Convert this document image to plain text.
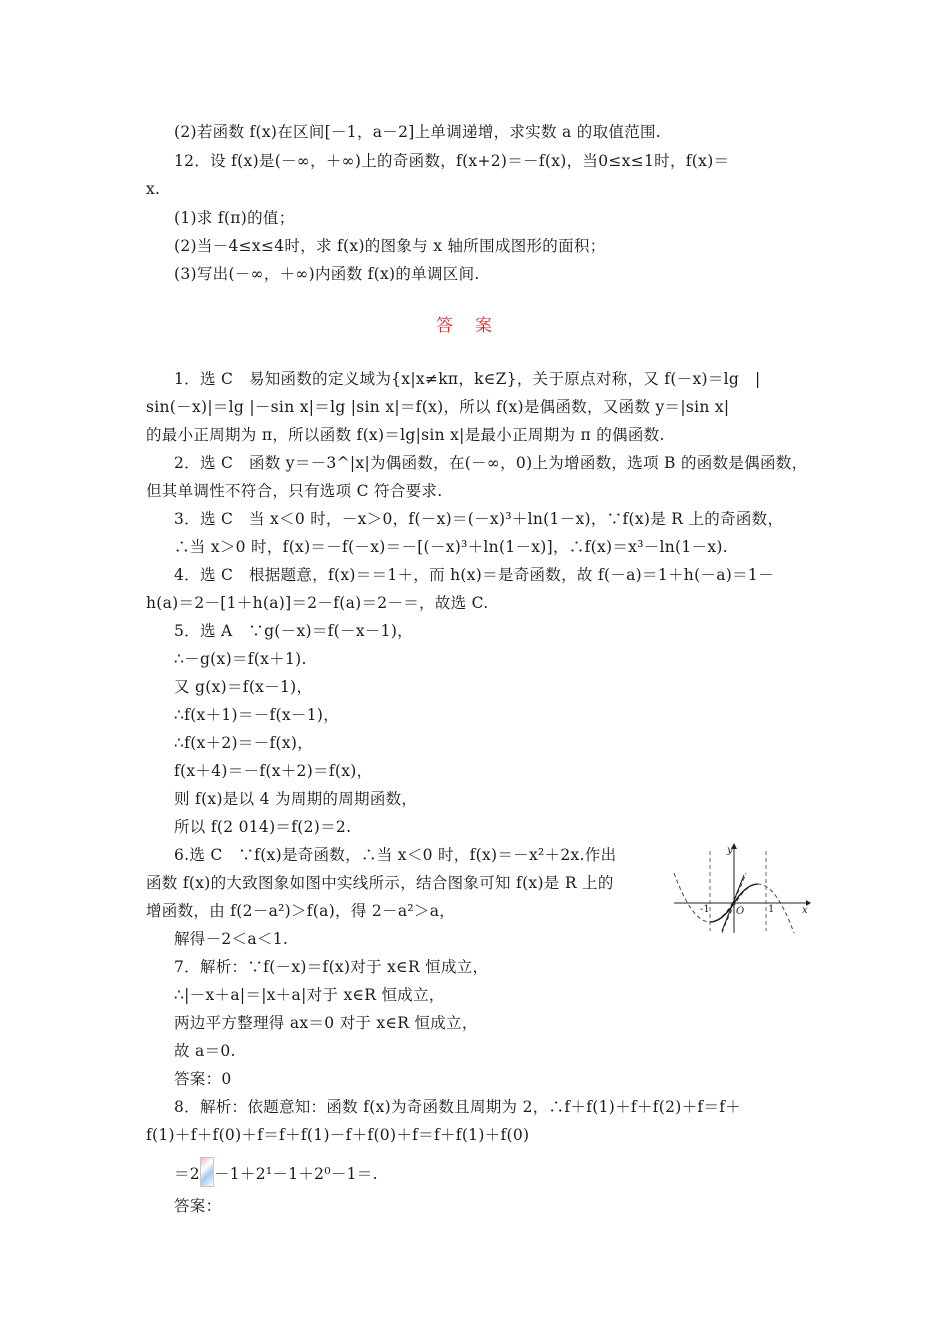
(2)若函数 f(x)在区间[－1，a－2]上单调递增，求实数 a 的取值范围.
12．设 f(x)是(－∞，＋∞)上的奇函数，f(x+2)＝－f(x)，当0≤x≤1时，f(x)＝
x.
(1)求 f(π)的值；
(2)当－4≤x≤4时，求 f(x)的图象与 x 轴所围成图形的面积；
(3)写出(－∞，＋∞)内函数 f(x)的单调区间.
答案
1．选 C　易知函数的定义域为{x|x≠kπ，k∈Z}，关于原点对称，又 f(－x)＝lg　|
sin(－x)|＝lg |－sin x|＝lg |sin x|＝f(x)，所以 f(x)是偶函数，又函数 y＝|sin x|
的最小正周期为 π，所以函数 f(x)＝lg|sin x|是最小正周期为 π 的偶函数.
2．选 C　函数 y＝－3^|x|为偶函数，在(－∞，0)上为增函数，选项 B 的函数是偶函数，
但其单调性不符合，只有选项 C 符合要求.
3．选 C　当 x＜0 时，－x＞0，f(－x)＝(－x)³＋ln(1－x)，∵f(x)是 R 上的奇函数，
∴当 x＞0 时，f(x)＝－f(－x)＝－[(－x)³＋ln(1－x)]，∴f(x)＝x³－ln(1－x).
4．选 C　根据题意，f(x)＝＝1＋，而 h(x)＝是奇函数，故 f(－a)＝1＋h(－a)＝1－
h(a)＝2－[1＋h(a)]＝2－f(a)＝2－＝，故选 C.
5．选 A　∵g(－x)＝f(－x－1)，
∴－g(x)＝f(x＋1).
又 g(x)＝f(x－1)，
∴f(x＋1)＝－f(x－1)，
∴f(x＋2)＝－f(x)，
f(x＋4)＝－f(x＋2)＝f(x)，
则 f(x)是以 4 为周期的周期函数，
所以 f(2 014)＝f(2)＝2.
6.选 C　∵f(x)是奇函数，∴当 x＜0 时，f(x)＝－x²＋2x.作出
函数 f(x)的大致图象如图中实线所示，结合图象可知 f(x)是 R 上的
增函数，由 f(2－a²)＞f(a)，得 2－a²＞a，
解得－2＜a＜1.
7．解析：∵f(－x)＝f(x)对于 x∈R 恒成立，
∴|－x＋a|＝|x＋a|对于 x∈R 恒成立，
两边平方整理得 ax＝0 对于 x∈R 恒成立，
故 a＝0.
答案：0
8．解析：依题意知：函数 f(x)为奇函数且周期为 2，∴f＋f(1)＋f＋f(2)＋f＝f＋
f(1)＋f＋f(0)＋f＝f＋f(1)－f＋f(0)＋f＝f＋f(1)＋f(0)
＝2 －1＋2¹－1＋2⁰－1＝.
答案：
y
x
-1	O 1
